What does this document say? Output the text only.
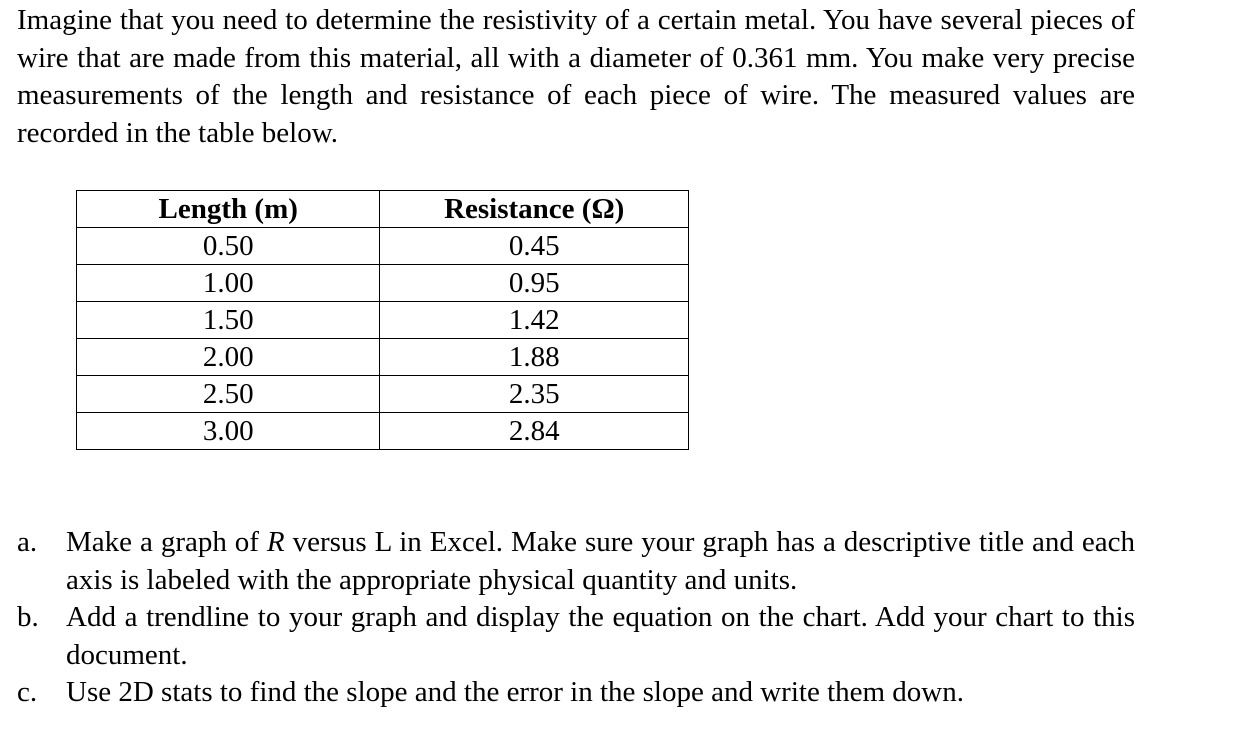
Imagine that you need to determine the resistivity of a certain metal. You have several pieces of wire that are made from this material, all with a diameter of 0.361 mm. You make very precise measurements of the length and resistance of each piece of wire. The measured values are recorded in the table below.

Length (m)	Resistance (Ω)
0.50	0.45
1.00	0.95
1.50	1.42
2.00	1.88
2.50	2.35
3.00	2.84
a. Make a graph of R versus L in Excel. Make sure your graph has a descriptive title and each axis is labeled with the appropriate physical quantity and units.
b. Add a trendline to your graph and display the equation on the chart. Add your chart to this document.
c. Use 2D stats to find the slope and the error in the slope and write them down.
